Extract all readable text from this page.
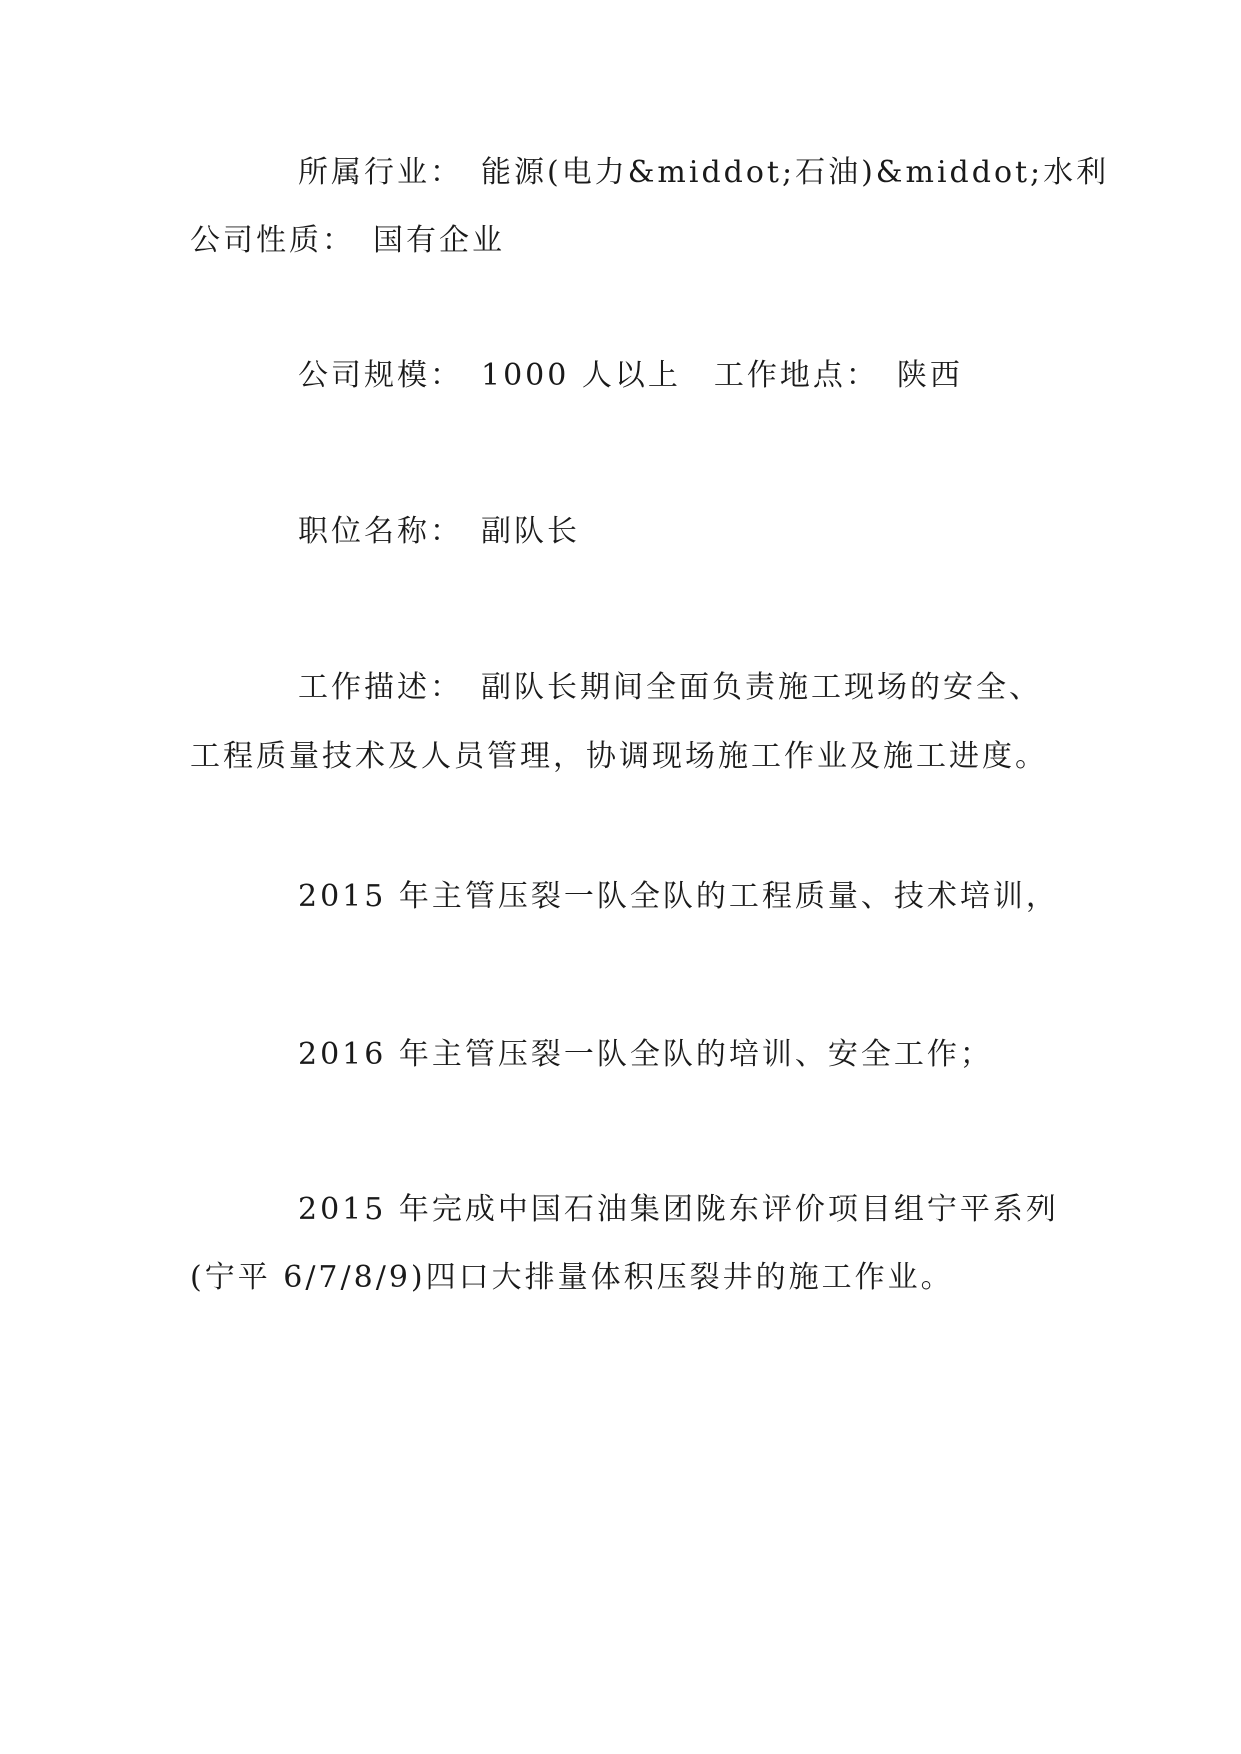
所属行业：　能源(电力&middot;石油)&middot;水利
公司性质：　国有企业
公司规模：　1000 人以上　工作地点：　陕西
职位名称：　副队长
工作描述：　副队长期间全面负责施工现场的安全、
工程质量技术及人员管理，协调现场施工作业及施工进度。
2015 年主管压裂一队全队的工程质量、技术培训，
2016 年主管压裂一队全队的培训、安全工作；
2015 年完成中国石油集团陇东评价项目组宁平系列
(宁平 6/7/8/9)四口大排量体积压裂井的施工作业。
